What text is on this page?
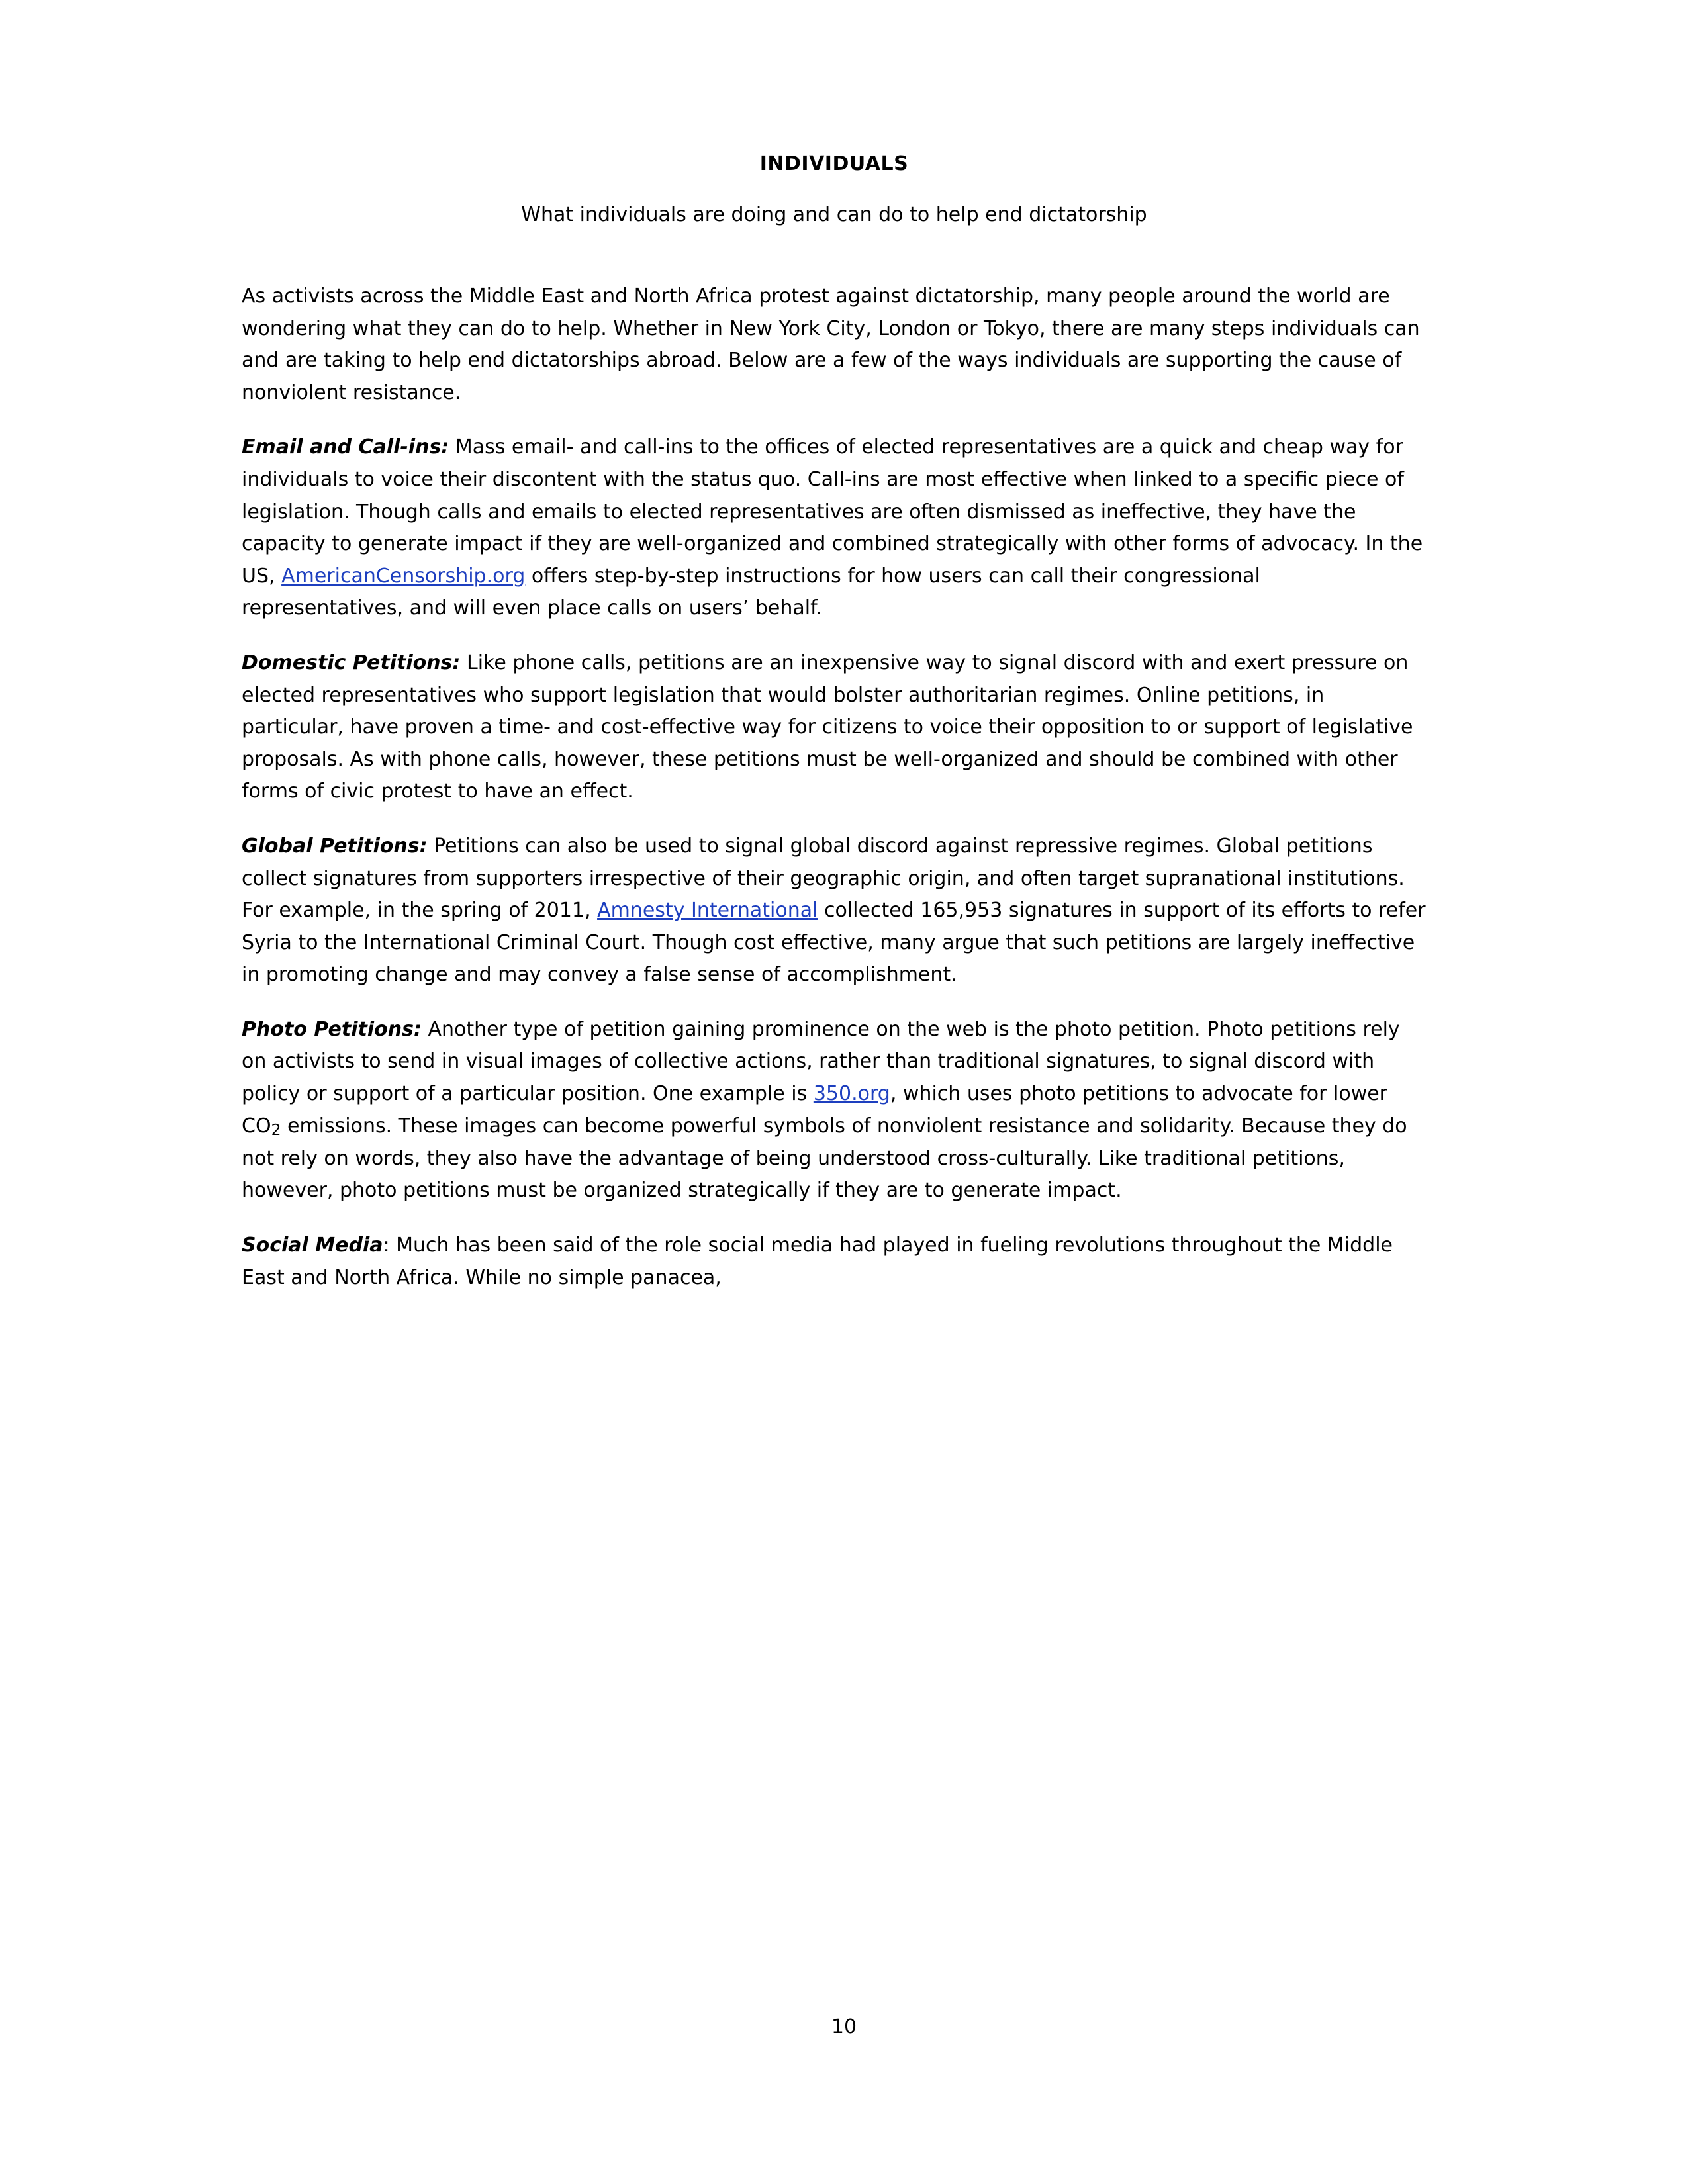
INDIVIDUALS
What individuals are doing and can do to help end dictatorship

As activists across the Middle East and North Africa protest against dictatorship, many people around the world are wondering what they can do to help. Whether in New York City, London or Tokyo, there are many steps individuals can and are taking to help end dictatorships abroad. Below are a few of the ways individuals are supporting the cause of nonviolent resistance.

Email and Call-ins: Mass email- and call-ins to the offices of elected representatives are a quick and cheap way for individuals to voice their discontent with the status quo. Call-ins are most effective when linked to a specific piece of legislation. Though calls and emails to elected representatives are often dismissed as ineffective, they have the capacity to generate impact if they are well-organized and combined strategically with other forms of advocacy. In the US, AmericanCensorship.org offers step-by-step instructions for how users can call their congressional representatives, and will even place calls on users’ behalf.

Domestic Petitions: Like phone calls, petitions are an inexpensive way to signal discord with and exert pressure on elected representatives who support legislation that would bolster authoritarian regimes. Online petitions, in particular, have proven a time- and cost-effective way for citizens to voice their opposition to or support of legislative proposals. As with phone calls, however, these petitions must be well-organized and should be combined with other forms of civic protest to have an effect.

Global Petitions: Petitions can also be used to signal global discord against repressive regimes. Global petitions collect signatures from supporters irrespective of their geographic origin, and often target supranational institutions. For example, in the spring of 2011, Amnesty International collected 165,953 signatures in support of its efforts to refer Syria to the International Criminal Court. Though cost effective, many argue that such petitions are largely ineffective in promoting change and may convey a false sense of accomplishment.

Photo Petitions: Another type of petition gaining prominence on the web is the photo petition. Photo petitions rely on activists to send in visual images of collective actions, rather than traditional signatures, to signal discord with policy or support of a particular position. One example is 350.org, which uses photo petitions to advocate for lower CO2 emissions. These images can become powerful symbols of nonviolent resistance and solidarity. Because they do not rely on words, they also have the advantage of being understood cross-culturally. Like traditional petitions, however, photo petitions must be organized strategically if they are to generate impact.

Social Media: Much has been said of the role social media had played in fueling revolutions throughout the Middle East and North Africa. While no simple panacea,

10
